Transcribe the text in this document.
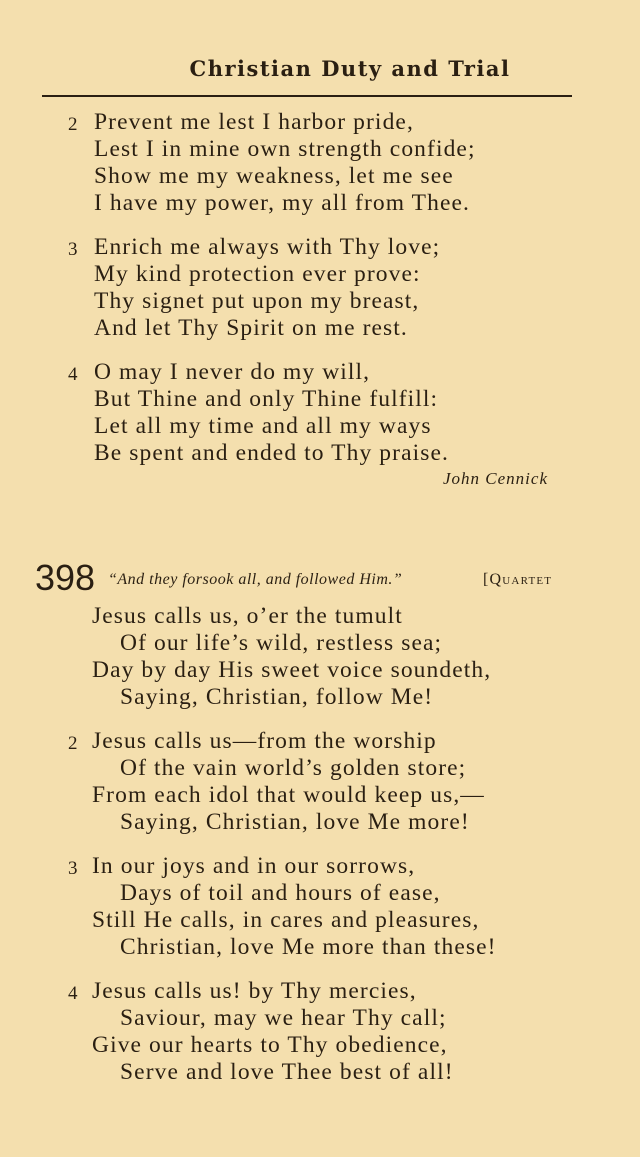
Christian Duty and Trial
2 Prevent me lest I harbor pride,
Lest I in mine own strength confide;
Show me my weakness, let me see
I have my power, my all from Thee.
3 Enrich me always with Thy love;
My kind protection ever prove:
Thy signet put upon my breast,
And let Thy Spirit on me rest.
4 O may I never do my will,
But Thine and only Thine fulfill:
Let all my time and all my ways
Be spent and ended to Thy praise.
John Cennick
398 “And they forsook all, and followed Him.”	[Quartet
Jesus calls us, o’er the tumult
Of our life’s wild, restless sea;
Day by day His sweet voice soundeth,
Saying, Christian, follow Me!
2 Jesus calls us—from the worship
Of the vain world’s golden store;
From each idol that would keep us,—
Saying, Christian, love Me more!
3 In our joys and in our sorrows,
Days of toil and hours of ease,
Still He calls, in cares and pleasures,
Christian, love Me more than these!
4 Jesus calls us! by Thy mercies,
Saviour, may we hear Thy call;
Give our hearts to Thy obedience,
Serve and love Thee best of all!
